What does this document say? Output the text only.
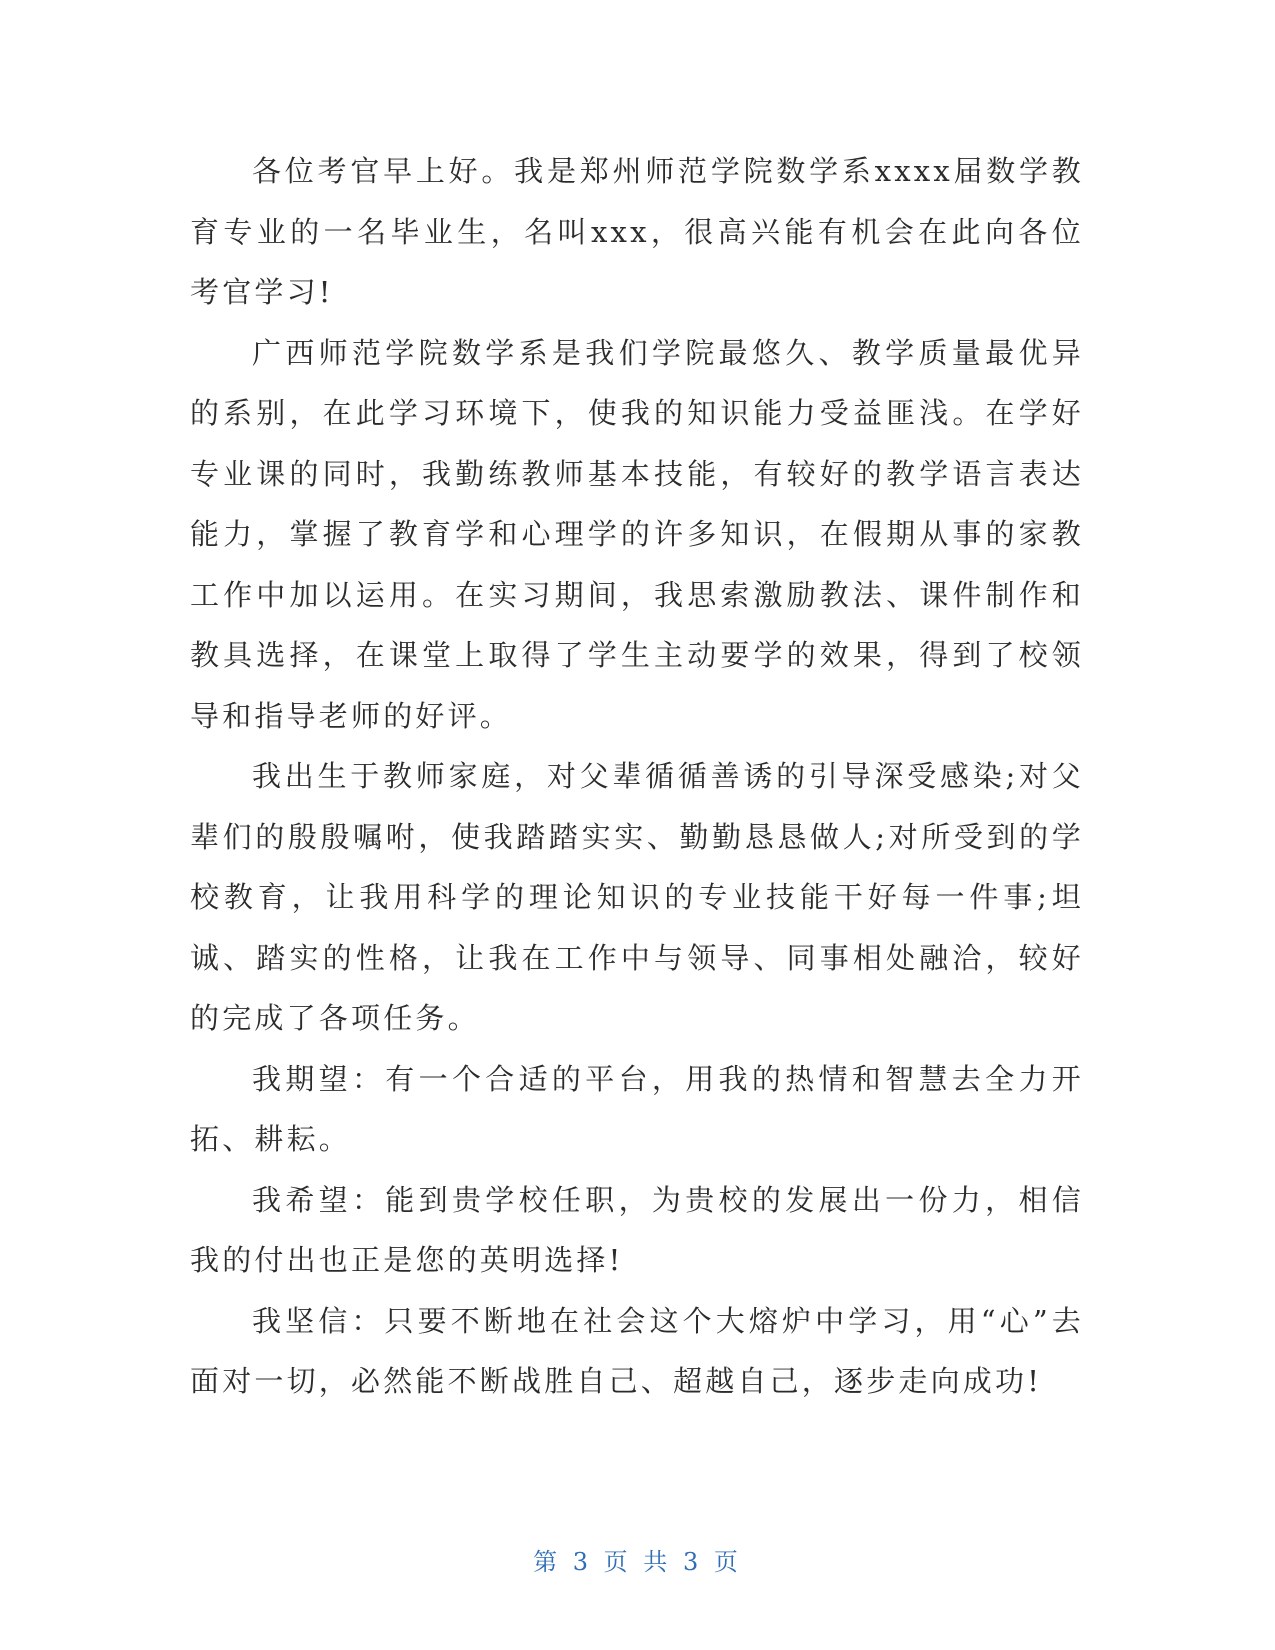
各位考官早上好。我是郑州师范学院数学系xxxx届数学教育专业的一名毕业生，名叫xxx，很高兴能有机会在此向各位考官学习!

广西师范学院数学系是我们学院最悠久、教学质量最优异的系别，在此学习环境下，使我的知识能力受益匪浅。在学好专业课的同时，我勤练教师基本技能，有较好的教学语言表达能力，掌握了教育学和心理学的许多知识，在假期从事的家教工作中加以运用。在实习期间，我思索激励教法、课件制作和教具选择，在课堂上取得了学生主动要学的效果，得到了校领导和指导老师的好评。

我出生于教师家庭，对父辈循循善诱的引导深受感染;对父辈们的殷殷嘱咐，使我踏踏实实、勤勤恳恳做人;对所受到的学校教育，让我用科学的理论知识的专业技能干好每一件事;坦诚、踏实的性格，让我在工作中与领导、同事相处融洽，较好的完成了各项任务。

我期望：有一个合适的平台，用我的热情和智慧去全力开拓、耕耘。

我希望：能到贵学校任职，为贵校的发展出一份力，相信我的付出也正是您的英明选择!

我坚信：只要不断地在社会这个大熔炉中学习，用“心”去面对一切，必然能不断战胜自己、超越自己，逐步走向成功!

第 3 页 共 3 页
